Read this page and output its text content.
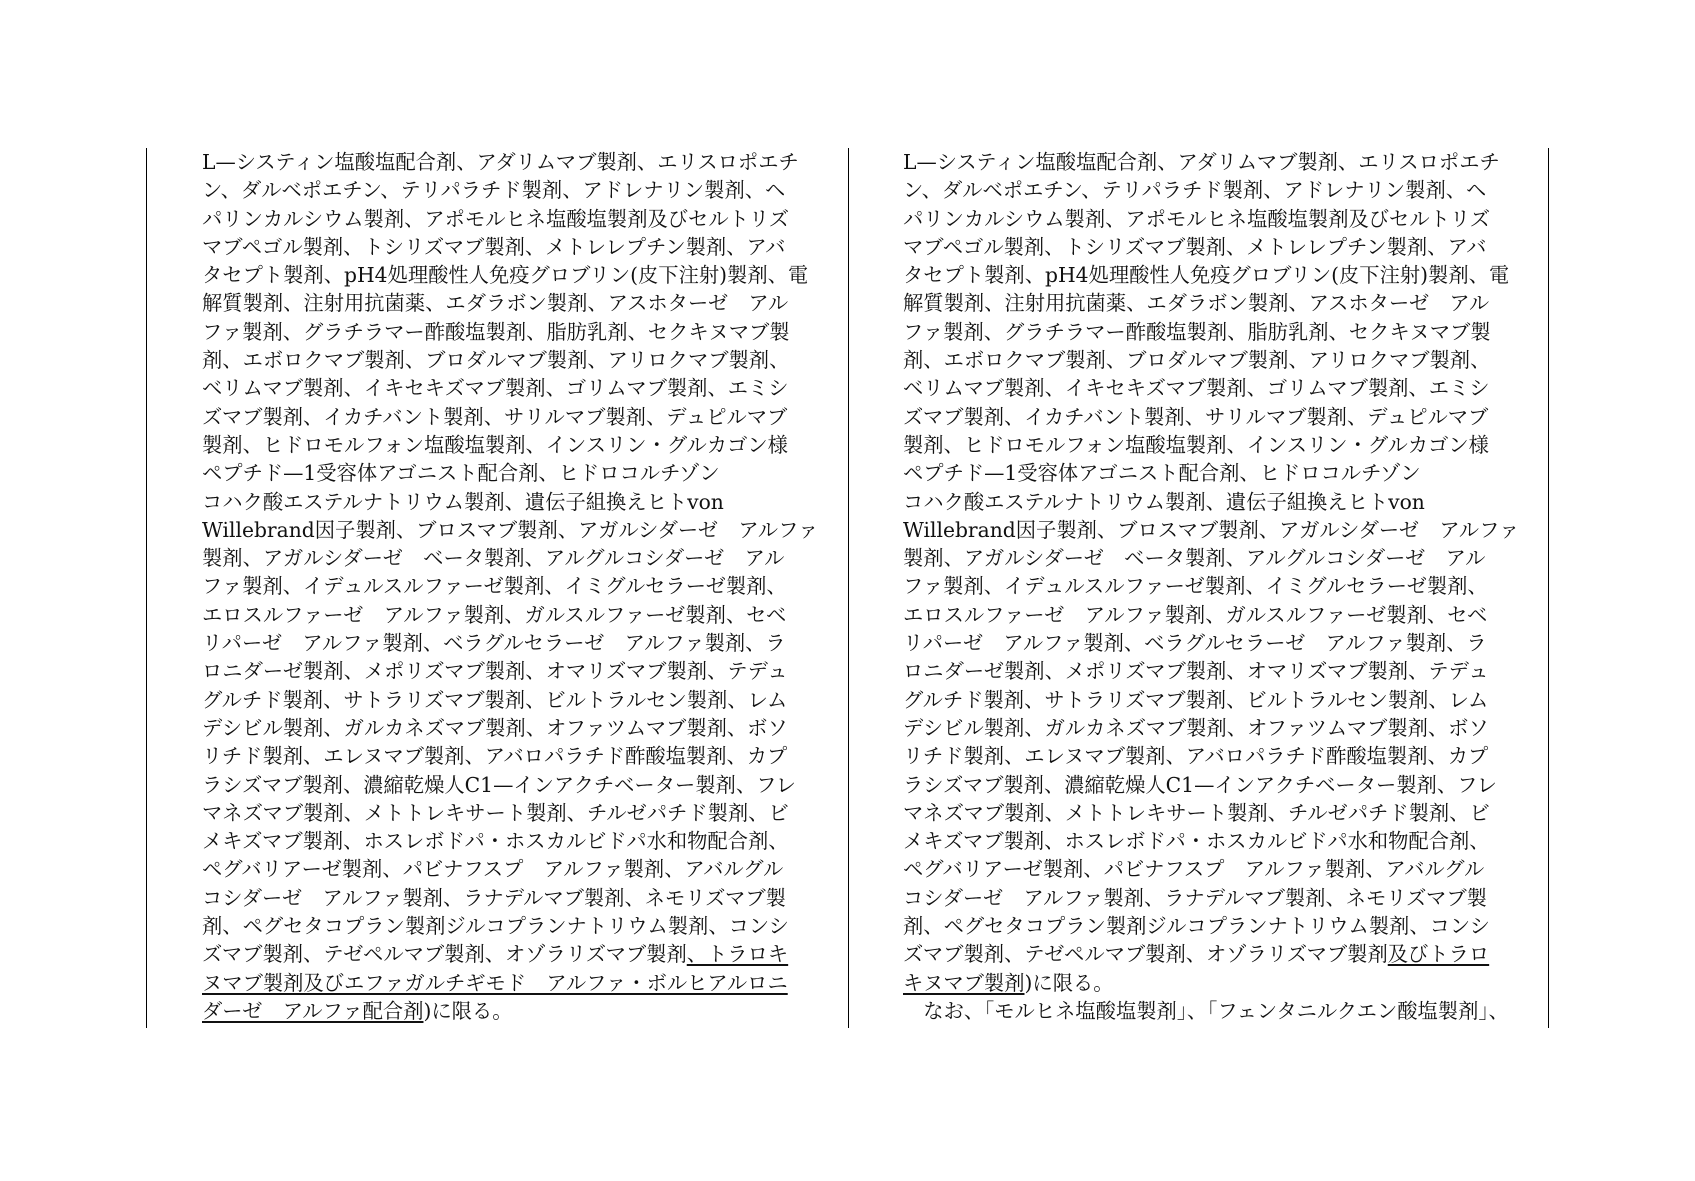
L—システィン塩酸塩配合剤、アダリムマブ製剤、エリスロポエチ
ン、ダルベポエチン、テリパラチド製剤、アドレナリン製剤、ヘ
パリンカルシウム製剤、アポモルヒネ塩酸塩製剤及びセルトリズ
マブペゴル製剤、トシリズマブ製剤、メトレレプチン製剤、アバ
タセプト製剤、pH4処理酸性人免疫グロブリン(皮下注射)製剤、電
解質製剤、注射用抗菌薬、エダラボン製剤、アスホターゼ　アル
ファ製剤、グラチラマー酢酸塩製剤、脂肪乳剤、セクキヌマブ製
剤、エボロクマブ製剤、ブロダルマブ製剤、アリロクマブ製剤、
ベリムマブ製剤、イキセキズマブ製剤、ゴリムマブ製剤、エミシ
ズマブ製剤、イカチバント製剤、サリルマブ製剤、デュピルマブ
製剤、ヒドロモルフォン塩酸塩製剤、インスリン・グルカゴン様
ペプチド—1受容体アゴニスト配合剤、ヒドロコルチゾン
コハク酸エステルナトリウム製剤、遺伝子組換えヒトvon
Willebrand因子製剤、ブロスマブ製剤、アガルシダーゼ　アルファ
製剤、アガルシダーゼ　ベータ製剤、アルグルコシダーゼ　アル
ファ製剤、イデュルスルファーゼ製剤、イミグルセラーゼ製剤、
エロスルファーゼ　アルファ製剤、ガルスルファーゼ製剤、セベ
リパーゼ　アルファ製剤、ベラグルセラーゼ　アルファ製剤、ラ
ロニダーゼ製剤、メポリズマブ製剤、オマリズマブ製剤、テデュ
グルチド製剤、サトラリズマブ製剤、ビルトラルセン製剤、レム
デシビル製剤、ガルカネズマブ製剤、オファツムマブ製剤、ボソ
リチド製剤、エレヌマブ製剤、アバロパラチド酢酸塩製剤、カプ
ラシズマブ製剤、濃縮乾燥人C1—インアクチベーター製剤、フレ
マネズマブ製剤、メトトレキサート製剤、チルゼパチド製剤、ビ
メキズマブ製剤、ホスレボドパ・ホスカルビドパ水和物配合剤、
ペグバリアーゼ製剤、パビナフスプ　アルファ製剤、アバルグル
コシダーゼ　アルファ製剤、ラナデルマブ製剤、ネモリズマブ製
剤、ペグセタコプラン製剤ジルコプランナトリウム製剤、コンシ
ズマブ製剤、テゼペルマブ製剤、オゾラリズマブ製剤、トラロキ
ヌマブ製剤及びエファガルチギモド　アルファ・ボルヒアルロニ
ダーゼ　アルファ配合剤)に限る。
L—システィン塩酸塩配合剤、アダリムマブ製剤、エリスロポエチ
ン、ダルベポエチン、テリパラチド製剤、アドレナリン製剤、ヘ
パリンカルシウム製剤、アポモルヒネ塩酸塩製剤及びセルトリズ
マブペゴル製剤、トシリズマブ製剤、メトレレプチン製剤、アバ
タセプト製剤、pH4処理酸性人免疫グロブリン(皮下注射)製剤、電
解質製剤、注射用抗菌薬、エダラボン製剤、アスホターゼ　アル
ファ製剤、グラチラマー酢酸塩製剤、脂肪乳剤、セクキヌマブ製
剤、エボロクマブ製剤、ブロダルマブ製剤、アリロクマブ製剤、
ベリムマブ製剤、イキセキズマブ製剤、ゴリムマブ製剤、エミシ
ズマブ製剤、イカチバント製剤、サリルマブ製剤、デュピルマブ
製剤、ヒドロモルフォン塩酸塩製剤、インスリン・グルカゴン様
ペプチド—1受容体アゴニスト配合剤、ヒドロコルチゾン
コハク酸エステルナトリウム製剤、遺伝子組換えヒトvon
Willebrand因子製剤、ブロスマブ製剤、アガルシダーゼ　アルファ
製剤、アガルシダーゼ　ベータ製剤、アルグルコシダーゼ　アル
ファ製剤、イデュルスルファーゼ製剤、イミグルセラーゼ製剤、
エロスルファーゼ　アルファ製剤、ガルスルファーゼ製剤、セベ
リパーゼ　アルファ製剤、ベラグルセラーゼ　アルファ製剤、ラ
ロニダーゼ製剤、メポリズマブ製剤、オマリズマブ製剤、テデュ
グルチド製剤、サトラリズマブ製剤、ビルトラルセン製剤、レム
デシビル製剤、ガルカネズマブ製剤、オファツムマブ製剤、ボソ
リチド製剤、エレヌマブ製剤、アバロパラチド酢酸塩製剤、カプ
ラシズマブ製剤、濃縮乾燥人C1—インアクチベーター製剤、フレ
マネズマブ製剤、メトトレキサート製剤、チルゼパチド製剤、ビ
メキズマブ製剤、ホスレボドパ・ホスカルビドパ水和物配合剤、
ペグバリアーゼ製剤、パビナフスプ　アルファ製剤、アバルグル
コシダーゼ　アルファ製剤、ラナデルマブ製剤、ネモリズマブ製
剤、ペグセタコプラン製剤ジルコプランナトリウム製剤、コンシ
ズマブ製剤、テゼペルマブ製剤、オゾラリズマブ製剤及びトラロ
キヌマブ製剤)に限る。
　なお、「モルヒネ塩酸塩製剤」、「フェンタニルクエン酸塩製剤」、
